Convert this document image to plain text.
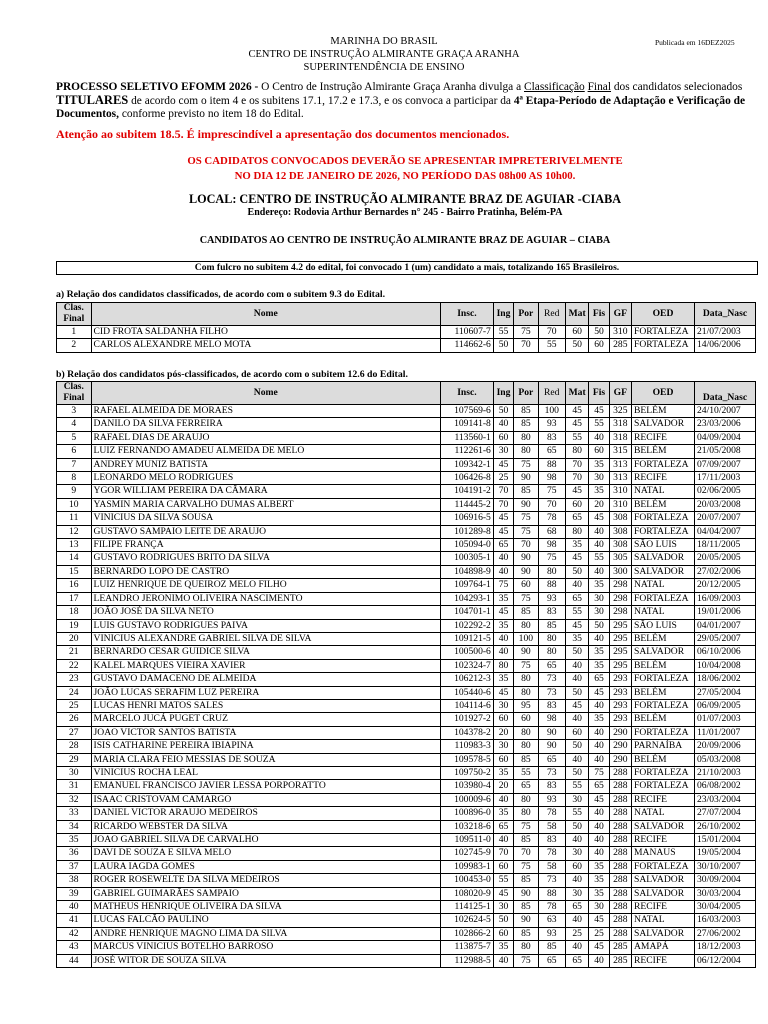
Publicada em 16DEZ2025
MARINHA DO BRASIL
CENTRO DE INSTRUÇÃO ALMIRANTE GRAÇA ARANHA
SUPERINTENDÊNCIA DE ENSINO
PROCESSO SELETIVO EFOMM 2026 - O Centro de Instrução Almirante Graça Aranha divulga a Classificação Final dos candidatos selecionados
TITULARES de acordo com o item 4 e os subitens 17.1, 17.2 e 17.3, e os convoca a participar da 4ª Etapa-Período de Adaptação e Verificação de Documentos, conforme previsto no item 18 do Edital.
Atenção ao subitem 18.5. É imprescindível a apresentação dos documentos mencionados.
OS CADIDATOS CONVOCADOS DEVERÃO SE APRESENTAR IMPRETERIVELMENTE
NO DIA 12 DE JANEIRO DE 2026, NO PERÍODO DAS 08h00 AS 10h00.
LOCAL: CENTRO DE INSTRUÇÃO ALMIRANTE BRAZ DE AGUIAR -CIABA
Endereço: Rodovia Arthur Bernardes n° 245 - Bairro Pratinha, Belém-PA
CANDIDATOS AO CENTRO DE INSTRUÇÃO ALMIRANTE BRAZ DE AGUIAR – CIABA
Com fulcro no subitem 4.2 do edital, foi convocado 1 (um) candidato a mais, totalizando 165 Brasileiros.
a) Relação dos candidatos classificados, de acordo com o subitem 9.3 do Edital.
Clas.
Final	Nome	Insc.	Ing	Por	Red	Mat	Fis	GF	OED	Data_Nasc
1	CID FROTA SALDANHA FILHO	110607-7	55	75	70	60	50	310	FORTALEZA	21/07/2003
2	CARLOS ALEXANDRE MELO MOTA	114662-6	50	70	55	50	60	285	FORTALEZA	14/06/2006
b) Relação dos candidatos pós-classificados, de acordo com o subitem 12.6 do Edital.
Clas.
Final	Nome	Insc.	Ing	Por	Red	Mat	Fis	GF	OED	Data_Nasc
3	RAFAEL ALMEIDA DE MORAES	107569-6	50	85	100	45	45	325	BELÉM	24/10/2007
4	DANILO DA SILVA FERREIRA	109141-8	40	85	93	45	55	318	SALVADOR	23/03/2006
5	RAFAEL DIAS DE ARAUJO	113560-1	60	80	83	55	40	318	RECIFE	04/09/2004
6	LUIZ FERNANDO AMADEU ALMEIDA DE MELO	112261-6	30	80	65	80	60	315	BELÉM	21/05/2008
7	ANDREY MUNIZ BATISTA	109342-1	45	75	88	70	35	313	FORTALEZA	07/09/2007
8	LEONARDO MELO RODRIGUES	106426-8	25	90	98	70	30	313	RECIFE	17/11/2003
9	YGOR WILLIAM PEREIRA DA CÂMARA	104191-2	70	85	75	45	35	310	NATAL	02/06/2005
10	YASMIN MARIA CARVALHO DUMAS ALBERT	114445-2	70	90	70	60	20	310	BELÉM	20/03/2008
11	VINICIUS DA SILVA SOUSA	106916-5	45	75	78	65	45	308	FORTALEZA	20/07/2007
12	GUSTAVO SAMPAIO LEITE DE ARAUJO	101289-8	45	75	68	80	40	308	FORTALEZA	04/04/2007
13	FILIPE FRANÇA	105094-0	65	70	98	35	40	308	SÃO LUIS	18/11/2005
14	GUSTAVO RODRIGUES BRITO DA SILVA	100305-1	40	90	75	45	55	305	SALVADOR	20/05/2005
15	BERNARDO LOPO DE CASTRO	104898-9	40	90	80	50	40	300	SALVADOR	27/02/2006
16	LUIZ HENRIQUE DE QUEIROZ MELO FILHO	109764-1	75	60	88	40	35	298	NATAL	20/12/2005
17	LEANDRO JERONIMO OLIVEIRA NASCIMENTO	104293-1	35	75	93	65	30	298	FORTALEZA	16/09/2003
18	JOÃO JOSÉ DA SILVA NETO	104701-1	45	85	83	55	30	298	NATAL	19/01/2006
19	LUIS GUSTAVO RODRIGUES PAIVA	102292-2	35	80	85	45	50	295	SÃO LUIS	04/01/2007
20	VINICIUS ALEXANDRE GABRIEL SILVA DE SILVA	109121-5	40	100	80	35	40	295	BELÉM	29/05/2007
21	BERNARDO CESAR GUIDICE SILVA	100500-6	40	90	80	50	35	295	SALVADOR	06/10/2006
22	KALEL MARQUES VIEIRA XAVIER	102324-7	80	75	65	40	35	295	BELÉM	10/04/2008
23	GUSTAVO DAMACENO DE ALMEIDA	106212-3	35	80	73	40	65	293	FORTALEZA	18/06/2002
24	JOÃO LUCAS SERAFIM LUZ PEREIRA	105440-6	45	80	73	50	45	293	BELÉM	27/05/2004
25	LUCAS HENRI MATOS SALES	104114-6	30	95	83	45	40	293	FORTALEZA	06/09/2005
26	MARCELO JUCÁ PUGET CRUZ	101927-2	60	60	98	40	35	293	BELÉM	01/07/2003
27	JOAO VICTOR SANTOS BATISTA	104378-2	20	80	90	60	40	290	FORTALEZA	11/01/2007
28	ISIS CATHARINE PEREIRA IBIAPINA	110983-3	30	80	90	50	40	290	PARNAÍBA	20/09/2006
29	MARIA CLARA FEIO MESSIAS DE SOUZA	109578-5	60	85	65	40	40	290	BELÉM	05/03/2008
30	VINICIUS ROCHA LEAL	109750-2	35	55	73	50	75	288	FORTALEZA	21/10/2003
31	EMANUEL FRANCISCO JAVIER LESSA PORPORATTO	103980-4	20	65	83	55	65	288	FORTALEZA	06/08/2002
32	ISAAC CRISTOVAM CAMARGO	100009-6	40	80	93	30	45	288	RECIFE	23/03/2004
33	DANIEL VICTOR ARAUJO MEDEIROS	100896-0	35	80	78	55	40	288	NATAL	27/07/2004
34	RICARDO WEBSTER DA SILVA	103218-6	65	75	58	50	40	288	SALVADOR	26/10/2002
35	JOAO GABRIEL SILVA DE CARVALHO	109511-0	40	85	83	40	40	288	RECIFE	15/01/2004
36	DAVI DE SOUZA E SILVA MELO	102745-9	70	70	78	30	40	288	MANAUS	19/05/2004
37	LAURA IAGDA GOMES	109983-1	60	75	58	60	35	288	FORTALEZA	30/10/2007
38	ROGER ROSEWELTE DA SILVA MEDEIROS	100453-0	55	85	73	40	35	288	SALVADOR	30/09/2004
39	GABRIEL GUIMARÃES SAMPAIO	108020-9	45	90	88	30	35	288	SALVADOR	30/03/2004
40	MATHEUS HENRIQUE OLIVEIRA DA SILVA	114125-1	30	85	78	65	30	288	RECIFE	30/04/2005
41	LUCAS FALCÃO PAULINO	102624-5	50	90	63	40	45	288	NATAL	16/03/2003
42	ANDRE HENRIQUE MAGNO LIMA DA SILVA	102866-2	60	85	93	25	25	288	SALVADOR	27/06/2002
43	MARCUS VINICIUS BOTELHO BARROSO	113875-7	35	80	85	40	45	285	AMAPÁ	18/12/2003
44	JOSÉ WITOR DE SOUZA SILVA	112988-5	40	75	65	65	40	285	RECIFE	06/12/2004
